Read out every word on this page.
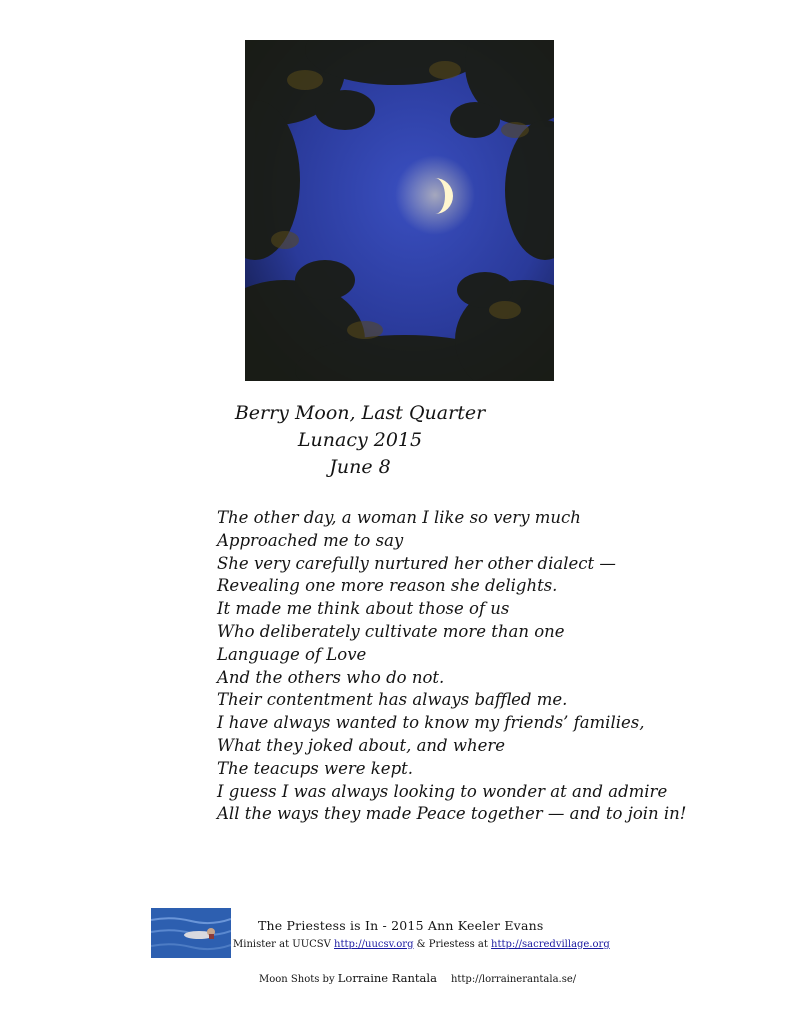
Berry Moon, Last Quarter
Lunacy 2015
June 8
The other day, a woman I like so very much
Approached me to say
She very carefully nurtured her other dialect —
Revealing one more reason she delights.
It made me think about those of us
Who deliberately cultivate more than one
Language of Love
And the others who do not.
Their contentment has always baffled me.
I have always wanted to know my friends’ families,
What they joked about, and where
The teacups were kept.
I guess I was always looking to wonder at and admire
All the ways they made Peace together — and to join in!
The Priestess is In - 2015 Ann Keeler Evans
Minister at UUCSV http://uucsv.org & Priestess at http://sacredvillage.org
Moon Shots by Lorraine Rantala http://lorrainerantala.se/
